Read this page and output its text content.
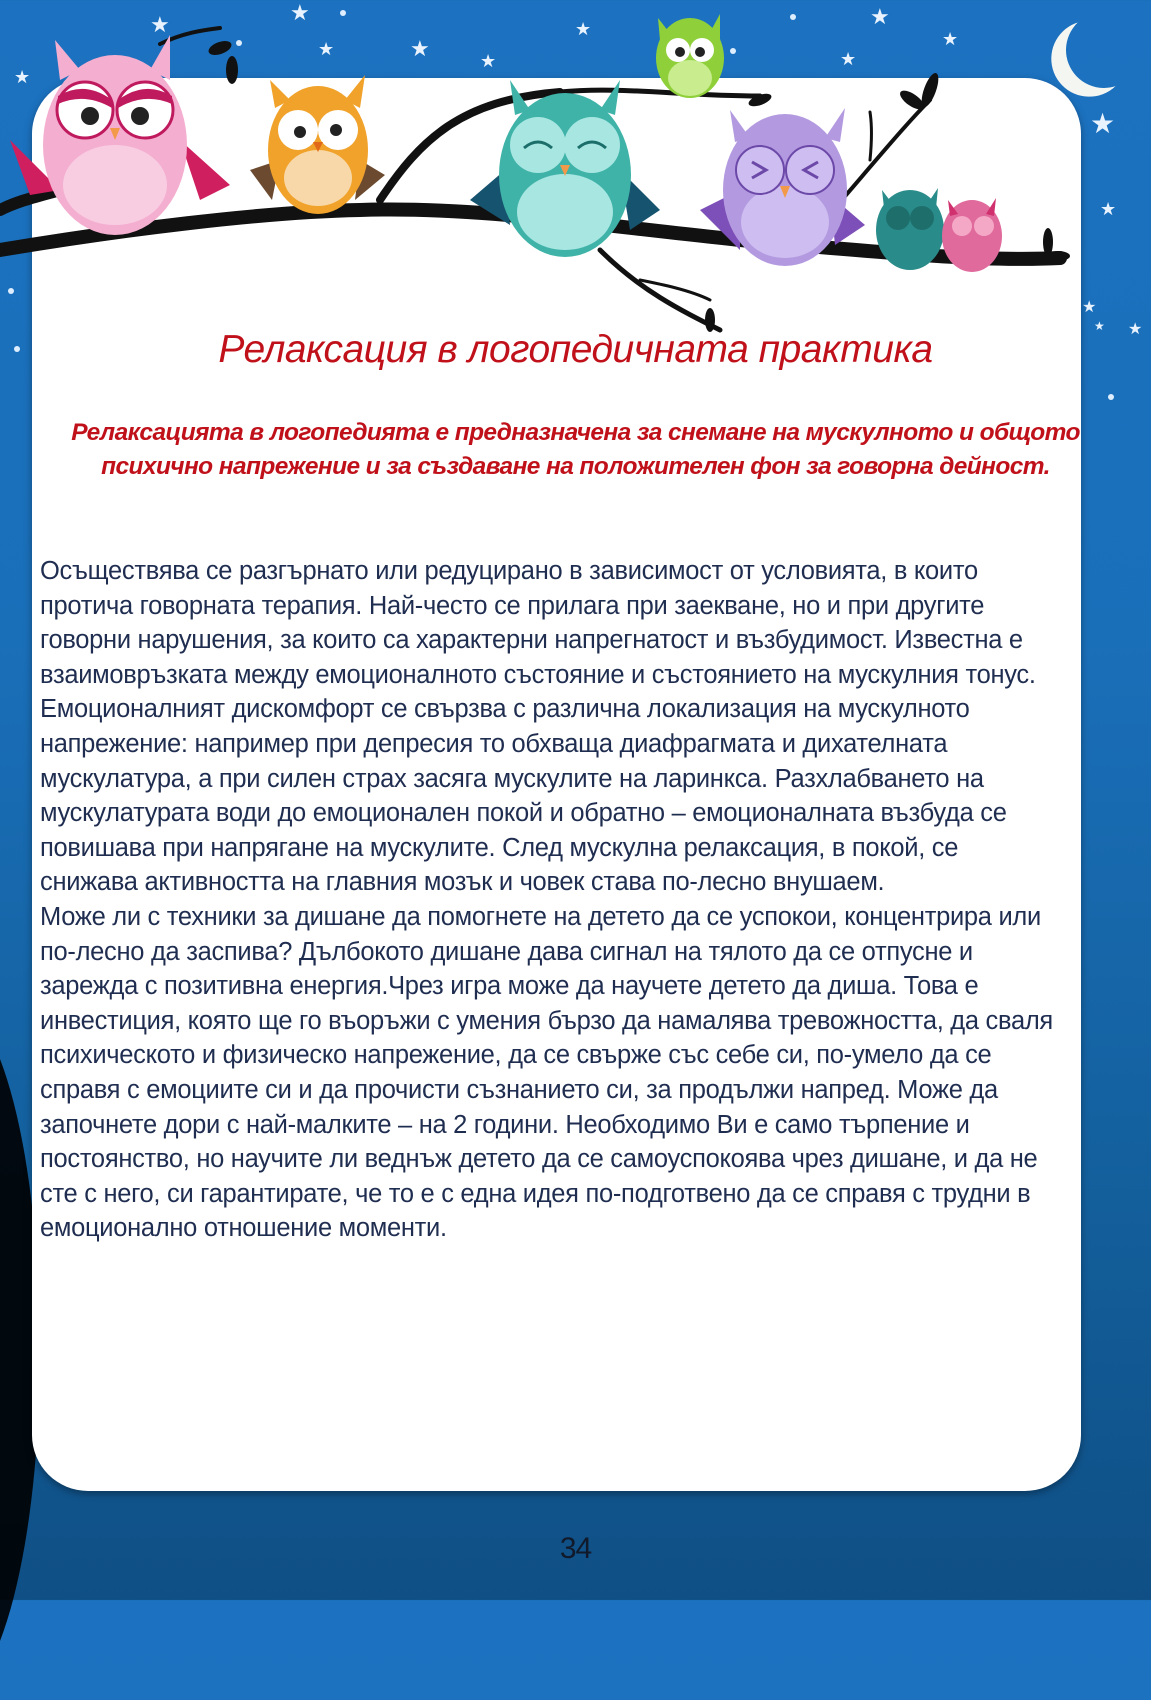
★	★
★	★	★
★
★	★
★
★
★
★
★
★ ★
Релаксация в логопедичната практика

Релаксацията в логопедията е предназначена за снемане на мускулното и общото психично напрежение и за създаване на положителен фон за говорна дейност.

Осъществява се разгърнато или редуцирано в зависимост от условията, в които протича говорната терапия. Най-често се прилага при заекване, но и при другите говорни нарушения, за които са характерни напрегнатост и възбудимост. Известна е взаимовръзката между емоционалното състояние и състоянието на мускулния тонус. Емоционалният дискомфорт се свързва с различна локализация на мускулното напрежение: например при депресия то обхваща диафрагмата и дихателната мускулатура, а при силен страх засяга мускулите на ларинкса. Разхлабването на мускулатурата води до емоционален покой и обратно – емоционалната възбуда се повишава при напрягане на мускулите. След мускулна релаксация, в покой, се снижава активността на главния мозък и човек става по-лесно внушаем.

Може ли с техники за дишане да помогнете на детето да се успокои, концентрира или по-лесно да заспива? Дълбокото дишане дава сигнал на тялото да се отпусне и зарежда с позитивна енергия.Чрез игра може да научете детето да диша. Това е инвестиция, която ще го въоръжи с умения бързо да намалява тревожността, да сваля психическото и физическо напрежение, да се свърже със себе си, по-умело да се справя с емоциите си и да прочисти съзнанието си, за продължи напред. Може да започнете дори с най-малките – на 2 години. Необходимо Ви е само търпение и постоянство, но научите ли веднъж детето да се самоуспокоява чрез дишане, и да не сте с него, си гарантирате, че то е с една идея по-подготвено да се справя с трудни в емоционално отношение моменти.

34
